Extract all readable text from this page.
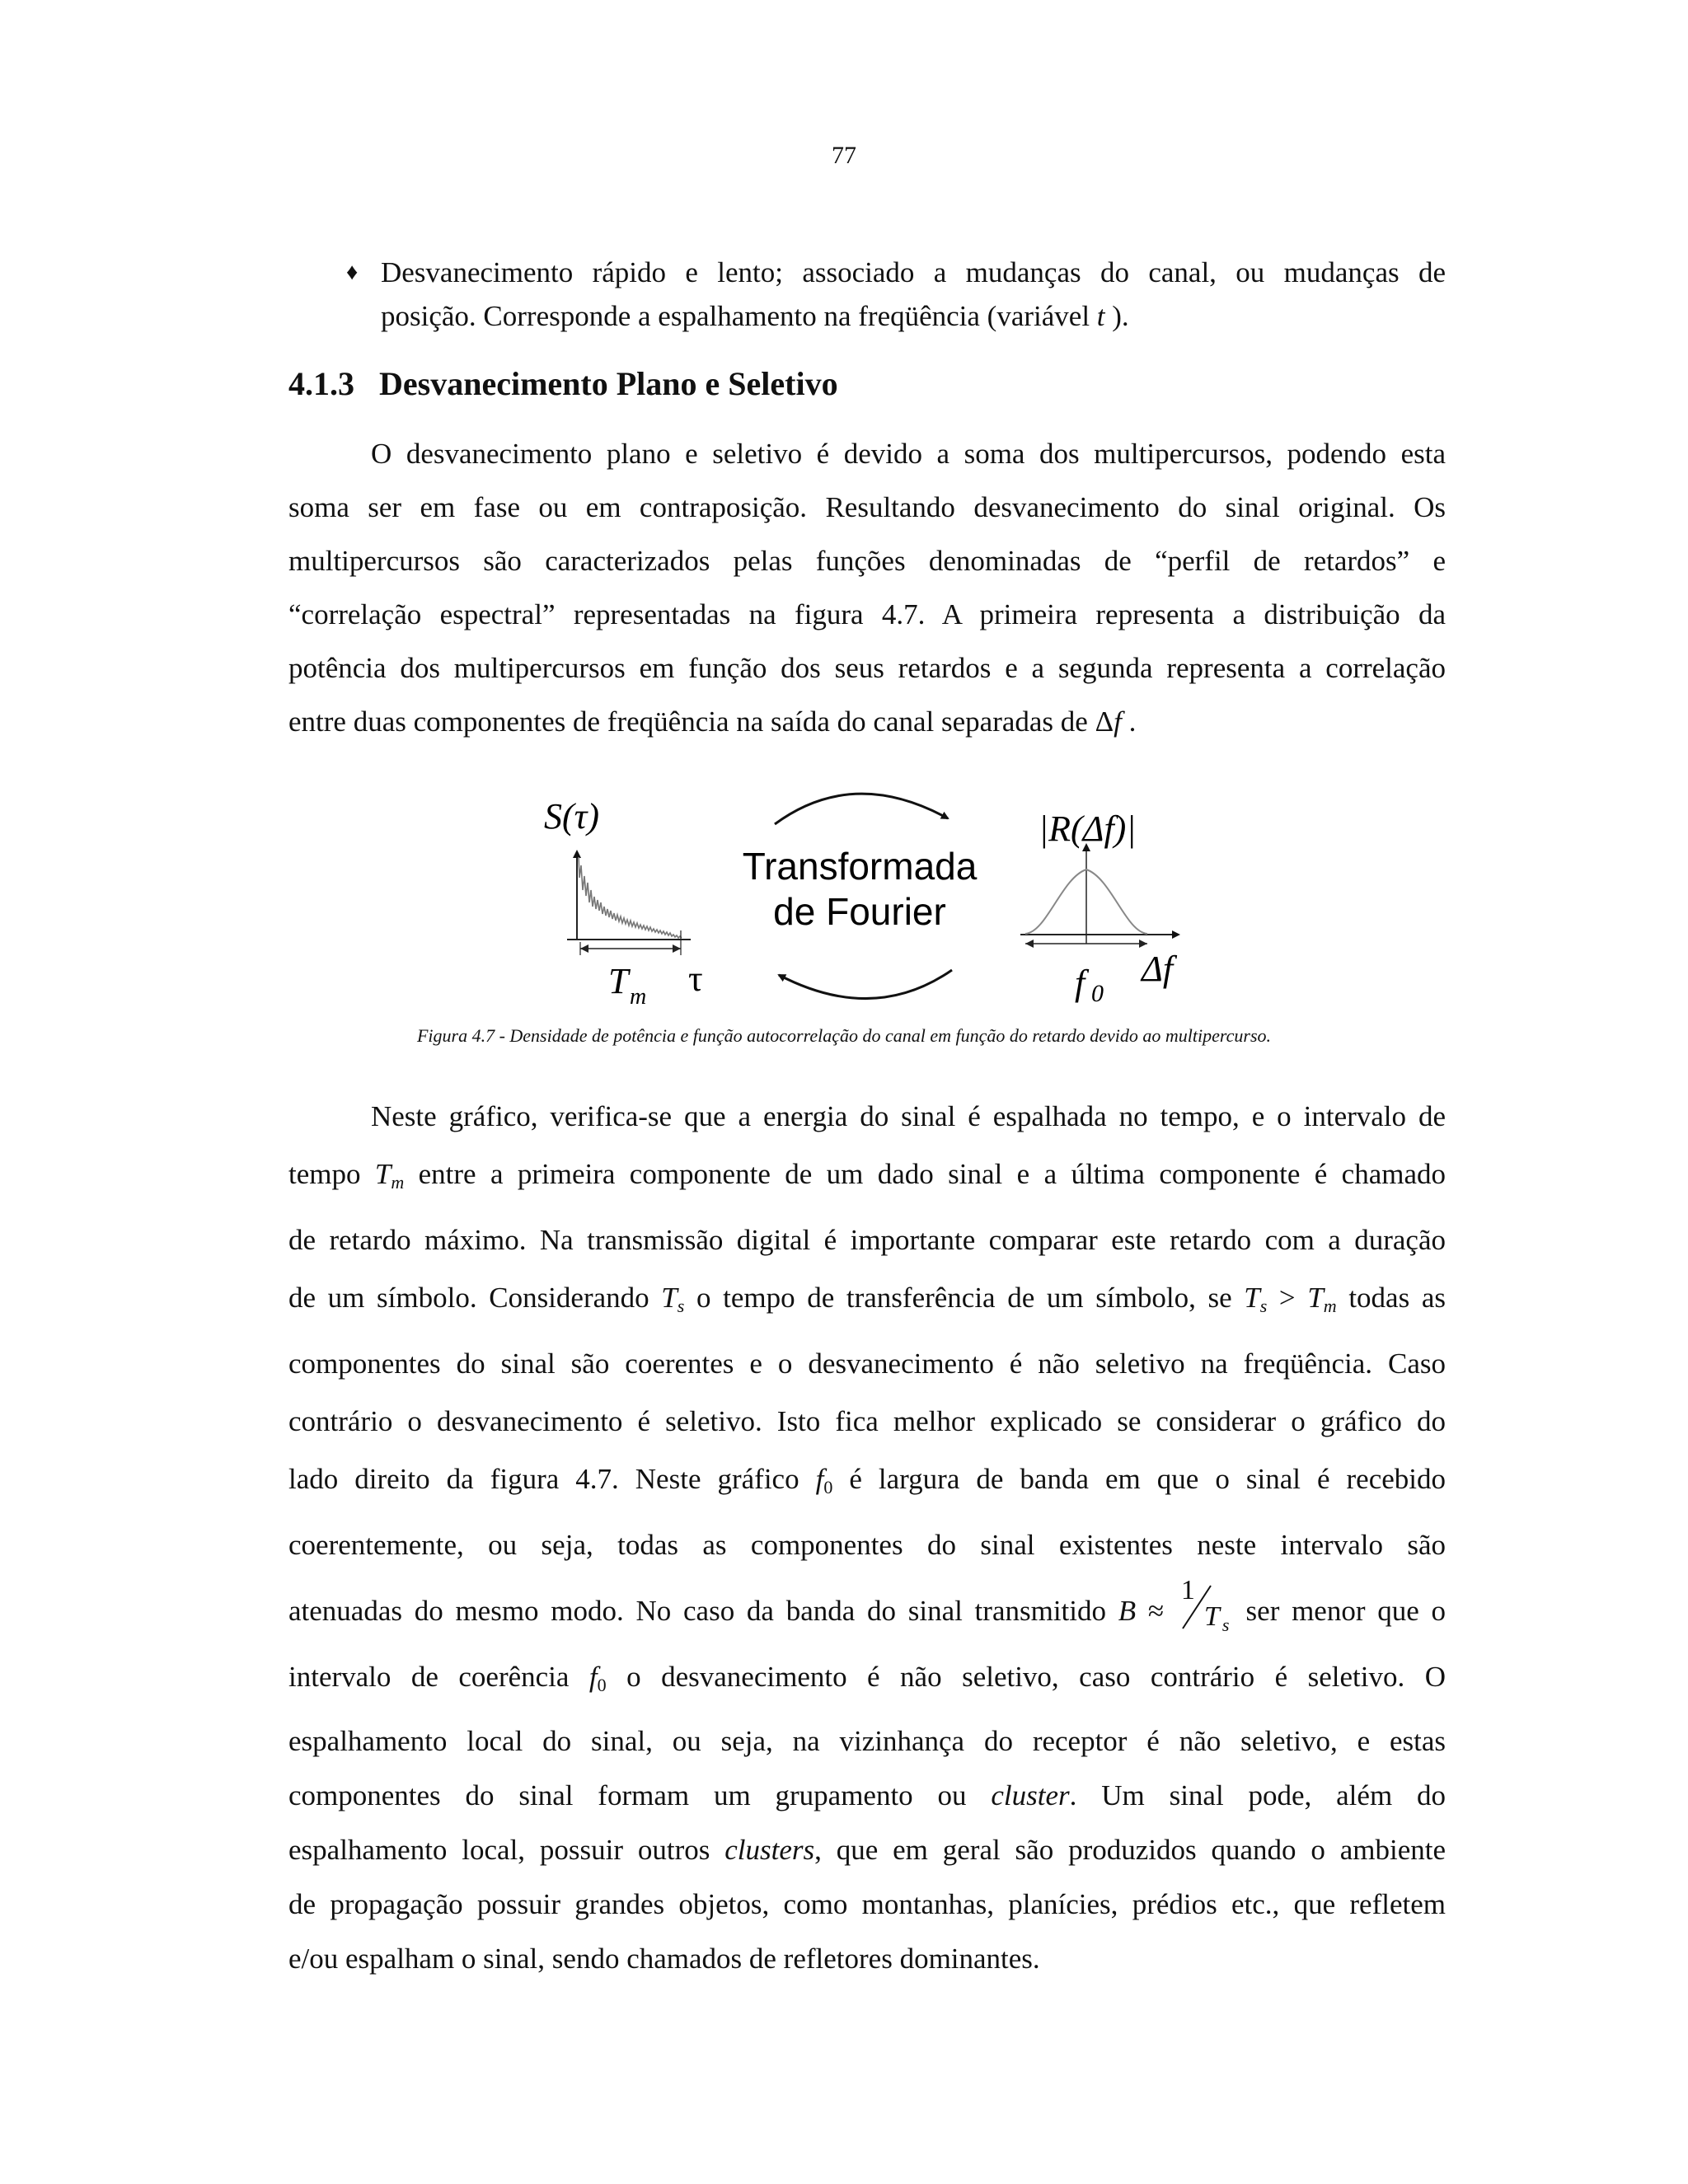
77
♦ Desvanecimento rápido e lento; associado a mudanças do canal, ou mudanças de
posição. Corresponde a espalhamento na freqüência (variável t ).
4.1.3 Desvanecimento Plano e Seletivo
O desvanecimento plano e seletivo é devido a soma dos multipercursos, podendo esta
soma ser em fase ou em contraposição. Resultando desvanecimento do sinal original. Os
multipercursos são caracterizados pelas funções denominadas de “perfil de retardos” e
“correlação espectral” representadas na figura 4.7. A primeira representa a distribuição da
potência dos multipercursos em função dos seus retardos e a segunda representa a correlação
entre duas componentes de freqüência na saída do canal separadas de Δf .
S(τ)
τ
T m
Transformada
de Fourier
|R(Δf)|
Δf
f 0
Figura 4.7 - Densidade de potência e função autocorrelação do canal em função do retardo devido ao multipercurso.
Neste gráfico, verifica-se que a energia do sinal é espalhada no tempo, e o intervalo de
tempo $T_m$ entre a primeira componente de um dado sinal e a última componente é chamado
de retardo máximo. Na transmissão digital é importante comparar este retardo com a duração
de um símbolo. Considerando $T_s$ o tempo de transferência de um símbolo, se $T_s > T_m$ todas as
componentes do sinal são coerentes e o desvanecimento é não seletivo na freqüência. Caso
contrário o desvanecimento é seletivo. Isto fica melhor explicado se considerar o gráfico do
lado direito da figura 4.7. Neste gráfico f0 é largura de banda em que o sinal é recebido
coerentemente, ou seja, todas as componentes do sinal existentes neste intervalo são
atenuadas do mesmo modo. No caso da banda do sinal transmitido B ≈
1
T s ser menor que o
intervalo de coerência f0 o desvanecimento é não seletivo, caso contrário é seletivo. O
espalhamento local do sinal, ou seja, na vizinhança do receptor é não seletivo, e estas
componentes do sinal formam um grupamento ou cluster. Um sinal pode, além do
espalhamento local, possuir outros clusters, que em geral são produzidos quando o ambiente
de propagação possuir grandes objetos, como montanhas, planícies, prédios etc., que refletem
e/ou espalham o sinal, sendo chamados de refletores dominantes.
